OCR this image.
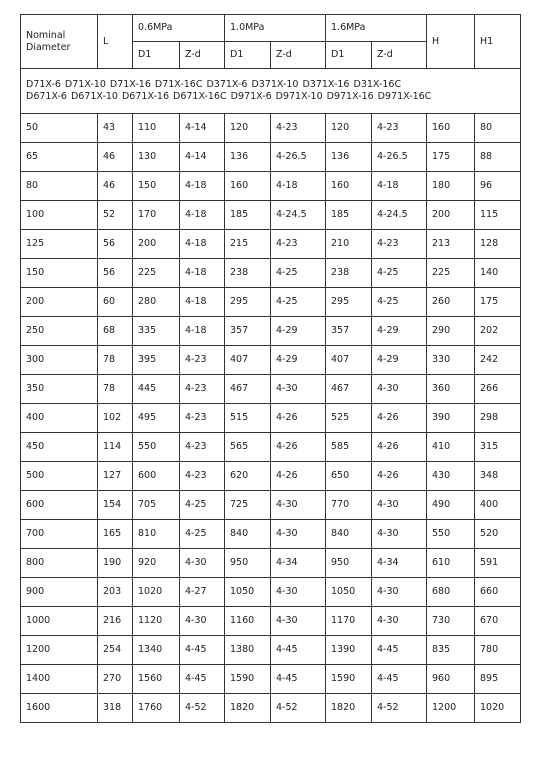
Nominal Diameter	L	0.6MPa		1.0MPa		1.6MPa		H	H1
		D1	Z-d	D1	Z-d	D1	Z-d		

D71X-6 D71X-10 D71X-16 D71X-16C D371X-6 D371X-10 D371X-16 D31X-16C
D671X-6 D671X-10 D671X-16 D671X-16C D971X-6 D971X-10 D971X-16 D971X-16C									

50	43	110	4-14	120	4-23	120	4-23	160	80
65	46	130	4-14	136	4-26.5	136	4-26.5	175	88
80	46	150	4-18	160	4-18	160	4-18	180	96
100	52	170	4-18	185	4-24.5	185	4-24.5	200	115
125	56	200	4-18	215	4-23	210	4-23	213	128
150	56	225	4-18	238	4-25	238	4-25	225	140
200	60	280	4-18	295	4-25	295	4-25	260	175
250	68	335	4-18	357	4-29	357	4-29	290	202
300	78	395	4-23	407	4-29	407	4-29	330	242
350	78	445	4-23	467	4-30	467	4-30	360	266
400	102	495	4-23	515	4-26	525	4-26	390	298
450	114	550	4-23	565	4-26	585	4-26	410	315
500	127	600	4-23	620	4-26	650	4-26	430	348
600	154	705	4-25	725	4-30	770	4-30	490	400
700	165	810	4-25	840	4-30	840	4-30	550	520
800	190	920	4-30	950	4-34	950	4-34	610	591
900	203	1020	4-27	1050	4-30	1050	4-30	680	660
1000	216	1120	4-30	1160	4-30	1170	4-30	730	670
1200	254	1340	4-45	1380	4-45	1390	4-45	835	780
1400	270	1560	4-45	1590	4-45	1590	4-45	960	895
1600	318	1760	4-52	1820	4-52	1820	4-52	1200	1020
